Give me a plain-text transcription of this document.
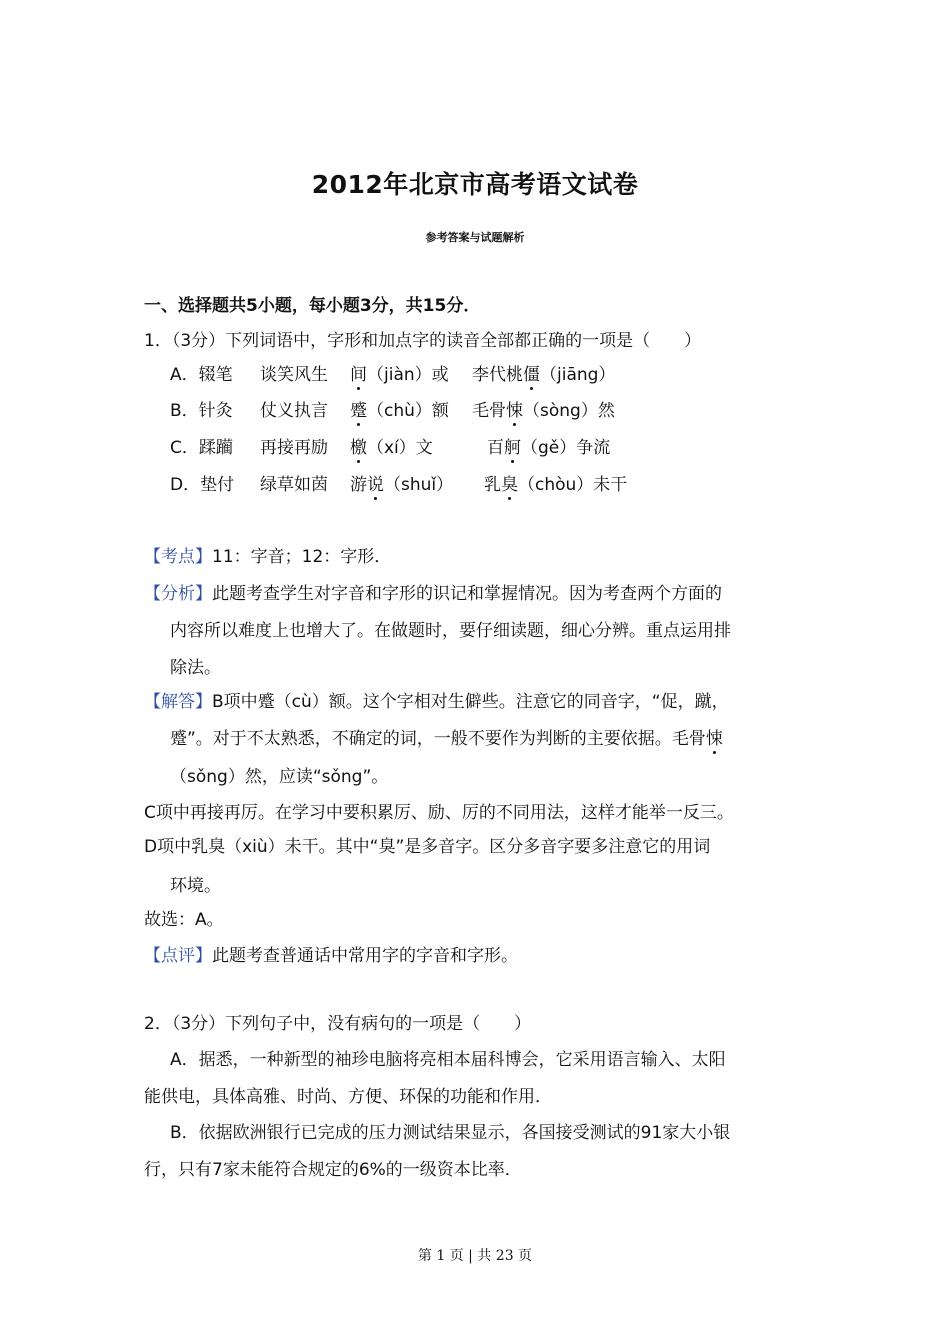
2012年北京市高考语文试卷
参考答案与试题解析
一、选择题共5小题，每小题3分，共15分．
1．（3分）下列词语中，字形和加点字的读音全部都正确的一项是（　　）
A．辍笔 谈笑风生 间（jiàn）或 李代桃僵（jiāng）
B．针灸 仗义执言 蹙（chù）额 毛骨悚（sòng）然
C．蹂躏 再接再励 檄（xí）文	百舸（gě）争流
D．垫付 绿草如茵 游说（shuǐ） 乳臭（chòu）未干
【考点】11：字音；12：字形．
【分析】此题考查学生对字音和字形的识记和掌握情况。因为考查两个方面的
内容所以难度上也增大了。在做题时，要仔细读题，细心分辨。重点运用排
除法。
【解答】B项中蹙（cù）额。这个字相对生僻些。注意它的同音字，“促，蹴，
蹙”。对于不太熟悉，不确定的词，一般不要作为判断的主要依据。毛骨悚
（sǒng）然，应读“sǒng”。
C项中再接再厉。在学习中要积累厉、励、厉的不同用法，这样才能举一反三。
D项中乳臭（xiù）未干。其中“臭”是多音字。区分多音字要多注意它的用词
环境。
故选：A。
【点评】此题考查普通话中常用字的字音和字形。
2．（3分）下列句子中，没有病句的一项是（　　）
A．据悉，一种新型的袖珍电脑将亮相本届科博会，它采用语言输入、太阳
能供电，具体高雅、时尚、方便、环保的功能和作用．
B．依据欧洲银行已完成的压力测试结果显示，各国接受测试的91家大小银
行，只有7家未能符合规定的6%的一级资本比率．
第 1 页 | 共 23 页
